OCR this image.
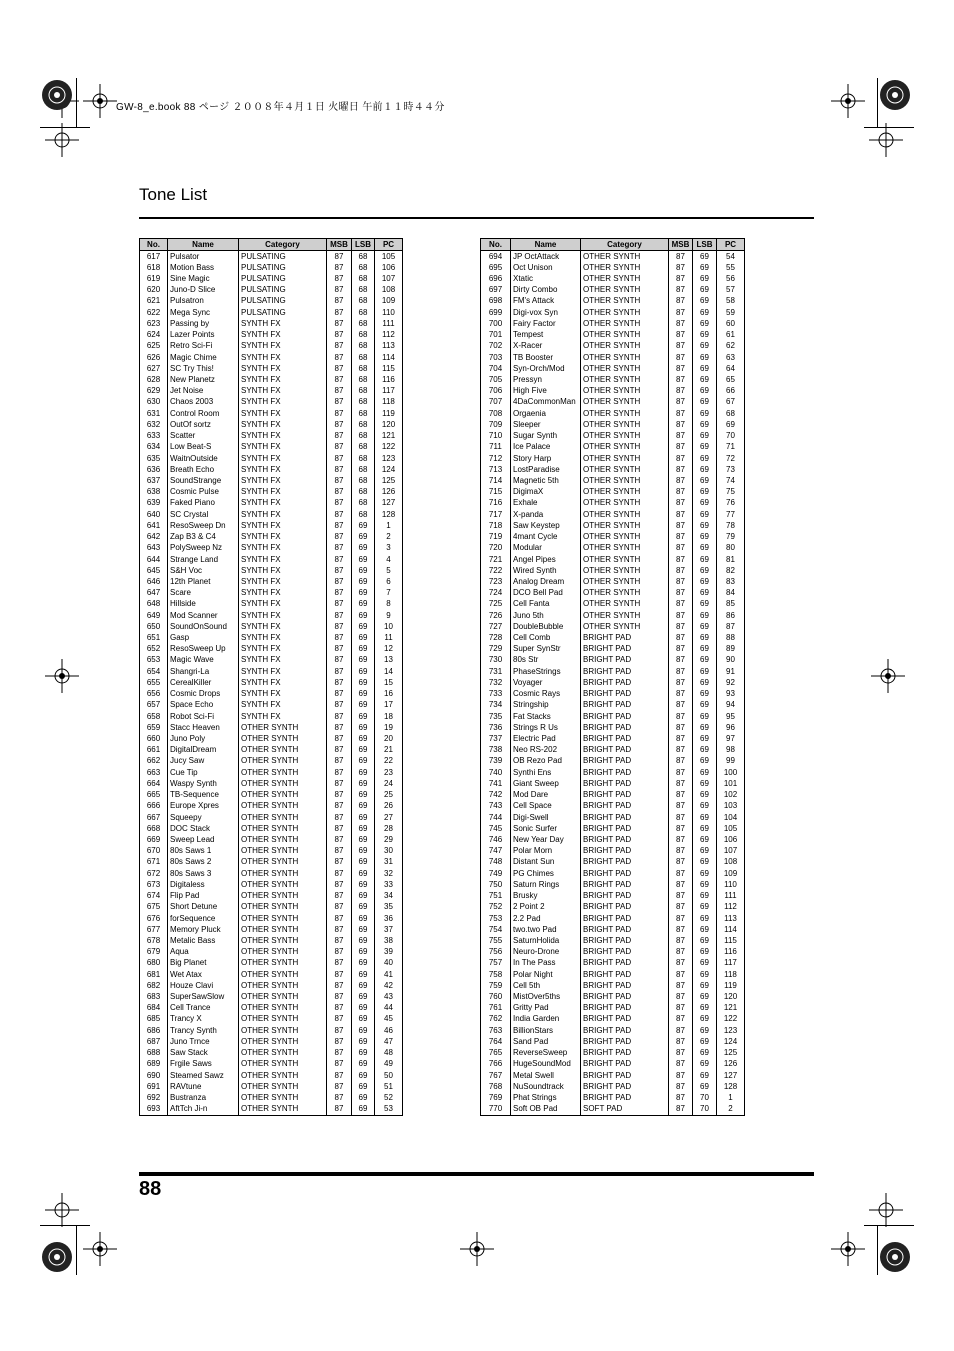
GW-8_e.book 88 ページ ２００８年４月１日 火曜日 午前１１時４４分
Tone List
No.	Name	Category	MSB	LSB	PC
617	Pulsator	PULSATING	87	68	105
618	Motion Bass	PULSATING	87	68	106
619	Sine Magic	PULSATING	87	68	107
620	Juno-D Slice	PULSATING	87	68	108
621	Pulsatron	PULSATING	87	68	109
622	Mega Sync	PULSATING	87	68	110
623	Passing by	SYNTH FX	87	68	111
624	Lazer Points	SYNTH FX	87	68	112
625	Retro Sci-Fi	SYNTH FX	87	68	113
626	Magic Chime	SYNTH FX	87	68	114
627	SC Try This!	SYNTH FX	87	68	115
628	New Planetz	SYNTH FX	87	68	116
629	Jet Noise	SYNTH FX	87	68	117
630	Chaos 2003	SYNTH FX	87	68	118
631	Control Room	SYNTH FX	87	68	119
632	OutOf sortz	SYNTH FX	87	68	120
633	Scatter	SYNTH FX	87	68	121
634	Low Beat-S	SYNTH FX	87	68	122
635	WaitnOutside	SYNTH FX	87	68	123
636	Breath Echo	SYNTH FX	87	68	124
637	SoundStrange	SYNTH FX	87	68	125
638	Cosmic Pulse	SYNTH FX	87	68	126
639	Faked Piano	SYNTH FX	87	68	127
640	SC Crystal	SYNTH FX	87	68	128
641	ResoSweep Dn	SYNTH FX	87	69	1
642	Zap B3 & C4	SYNTH FX	87	69	2
643	PolySweep Nz	SYNTH FX	87	69	3
644	Strange Land	SYNTH FX	87	69	4
645	S&H Voc	SYNTH FX	87	69	5
646	12th Planet	SYNTH FX	87	69	6
647	Scare	SYNTH FX	87	69	7
648	Hillside	SYNTH FX	87	69	8
649	Mod Scanner	SYNTH FX	87	69	9
650	SoundOnSound	SYNTH FX	87	69	10
651	Gasp	SYNTH FX	87	69	11
652	ResoSweep Up	SYNTH FX	87	69	12
653	Magic Wave	SYNTH FX	87	69	13
654	Shangri-La	SYNTH FX	87	69	14
655	CerealKiller	SYNTH FX	87	69	15
656	Cosmic Drops	SYNTH FX	87	69	16
657	Space Echo	SYNTH FX	87	69	17
658	Robot Sci-Fi	SYNTH FX	87	69	18
659	Stacc Heaven	OTHER SYNTH	87	69	19
660	Juno Poly	OTHER SYNTH	87	69	20
661	DigitalDream	OTHER SYNTH	87	69	21
662	Jucy Saw	OTHER SYNTH	87	69	22
663	Cue Tip	OTHER SYNTH	87	69	23
664	Waspy Synth	OTHER SYNTH	87	69	24
665	TB-Sequence	OTHER SYNTH	87	69	25
666	Europe Xpres	OTHER SYNTH	87	69	26
667	Squeepy	OTHER SYNTH	87	69	27
668	DOC Stack	OTHER SYNTH	87	69	28
669	Sweep Lead	OTHER SYNTH	87	69	29
670	80s Saws 1	OTHER SYNTH	87	69	30
671	80s Saws 2	OTHER SYNTH	87	69	31
672	80s Saws 3	OTHER SYNTH	87	69	32
673	Digitaless	OTHER SYNTH	87	69	33
674	Flip Pad	OTHER SYNTH	87	69	34
675	Short Detune	OTHER SYNTH	87	69	35
676	forSequence	OTHER SYNTH	87	69	36
677	Memory Pluck	OTHER SYNTH	87	69	37
678	Metalic Bass	OTHER SYNTH	87	69	38
679	Aqua	OTHER SYNTH	87	69	39
680	Big Planet	OTHER SYNTH	87	69	40
681	Wet Atax	OTHER SYNTH	87	69	41
682	Houze Clavi	OTHER SYNTH	87	69	42
683	SuperSawSlow	OTHER SYNTH	87	69	43
684	Cell Trance	OTHER SYNTH	87	69	44
685	Trancy X	OTHER SYNTH	87	69	45
686	Trancy Synth	OTHER SYNTH	87	69	46
687	Juno Trnce	OTHER SYNTH	87	69	47
688	Saw Stack	OTHER SYNTH	87	69	48
689	Frgile Saws	OTHER SYNTH	87	69	49
690	Steamed Sawz	OTHER SYNTH	87	69	50
691	RAVtune	OTHER SYNTH	87	69	51
692	Bustranza	OTHER SYNTH	87	69	52
693	AftTch Ji-n	OTHER SYNTH	87	69	53
No.	Name	Category	MSB	LSB	PC
694	JP OctAttack	OTHER SYNTH	87	69	54
695	Oct Unison	OTHER SYNTH	87	69	55
696	Xtatic	OTHER SYNTH	87	69	56
697	Dirty Combo	OTHER SYNTH	87	69	57
698	FM's Attack	OTHER SYNTH	87	69	58
699	Digi-vox Syn	OTHER SYNTH	87	69	59
700	Fairy Factor	OTHER SYNTH	87	69	60
701	Tempest	OTHER SYNTH	87	69	61
702	X-Racer	OTHER SYNTH	87	69	62
703	TB Booster	OTHER SYNTH	87	69	63
704	Syn-Orch/Mod	OTHER SYNTH	87	69	64
705	Pressyn	OTHER SYNTH	87	69	65
706	High Five	OTHER SYNTH	87	69	66
707	4DaCommonMan	OTHER SYNTH	87	69	67
708	Orgaenia	OTHER SYNTH	87	69	68
709	Sleeper	OTHER SYNTH	87	69	69
710	Sugar Synth	OTHER SYNTH	87	69	70
711	Ice Palace	OTHER SYNTH	87	69	71
712	Story Harp	OTHER SYNTH	87	69	72
713	LostParadise	OTHER SYNTH	87	69	73
714	Magnetic 5th	OTHER SYNTH	87	69	74
715	DigimaX	OTHER SYNTH	87	69	75
716	Exhale	OTHER SYNTH	87	69	76
717	X-panda	OTHER SYNTH	87	69	77
718	Saw Keystep	OTHER SYNTH	87	69	78
719	4mant Cycle	OTHER SYNTH	87	69	79
720	Modular	OTHER SYNTH	87	69	80
721	Angel Pipes	OTHER SYNTH	87	69	81
722	Wired Synth	OTHER SYNTH	87	69	82
723	Analog Dream	OTHER SYNTH	87	69	83
724	DCO Bell Pad	OTHER SYNTH	87	69	84
725	Cell Fanta	OTHER SYNTH	87	69	85
726	Juno 5th	OTHER SYNTH	87	69	86
727	DoubleBubble	OTHER SYNTH	87	69	87
728	Cell Comb	BRIGHT PAD	87	69	88
729	Super SynStr	BRIGHT PAD	87	69	89
730	80s Str	BRIGHT PAD	87	69	90
731	PhaseStrings	BRIGHT PAD	87	69	91
732	Voyager	BRIGHT PAD	87	69	92
733	Cosmic Rays	BRIGHT PAD	87	69	93
734	Stringship	BRIGHT PAD	87	69	94
735	Fat Stacks	BRIGHT PAD	87	69	95
736	Strings R Us	BRIGHT PAD	87	69	96
737	Electric Pad	BRIGHT PAD	87	69	97
738	Neo RS-202	BRIGHT PAD	87	69	98
739	OB Rezo Pad	BRIGHT PAD	87	69	99
740	Synthi Ens	BRIGHT PAD	87	69	100
741	Giant Sweep	BRIGHT PAD	87	69	101
742	Mod Dare	BRIGHT PAD	87	69	102
743	Cell Space	BRIGHT PAD	87	69	103
744	Digi-Swell	BRIGHT PAD	87	69	104
745	Sonic Surfer	BRIGHT PAD	87	69	105
746	New Year Day	BRIGHT PAD	87	69	106
747	Polar Morn	BRIGHT PAD	87	69	107
748	Distant Sun	BRIGHT PAD	87	69	108
749	PG Chimes	BRIGHT PAD	87	69	109
750	Saturn Rings	BRIGHT PAD	87	69	110
751	Brusky	BRIGHT PAD	87	69	111
752	2 Point 2	BRIGHT PAD	87	69	112
753	2.2 Pad	BRIGHT PAD	87	69	113
754	two.two Pad	BRIGHT PAD	87	69	114
755	SaturnHolida	BRIGHT PAD	87	69	115
756	Neuro-Drone	BRIGHT PAD	87	69	116
757	In The Pass	BRIGHT PAD	87	69	117
758	Polar Night	BRIGHT PAD	87	69	118
759	Cell 5th	BRIGHT PAD	87	69	119
760	MistOver5ths	BRIGHT PAD	87	69	120
761	Gritty Pad	BRIGHT PAD	87	69	121
762	India Garden	BRIGHT PAD	87	69	122
763	BillionStars	BRIGHT PAD	87	69	123
764	Sand Pad	BRIGHT PAD	87	69	124
765	ReverseSweep	BRIGHT PAD	87	69	125
766	HugeSoundMod	BRIGHT PAD	87	69	126
767	Metal Swell	BRIGHT PAD	87	69	127
768	NuSoundtrack	BRIGHT PAD	87	69	128
769	Phat Strings	BRIGHT PAD	87	70	1
770	Soft OB Pad	SOFT PAD	87	70	2
88
